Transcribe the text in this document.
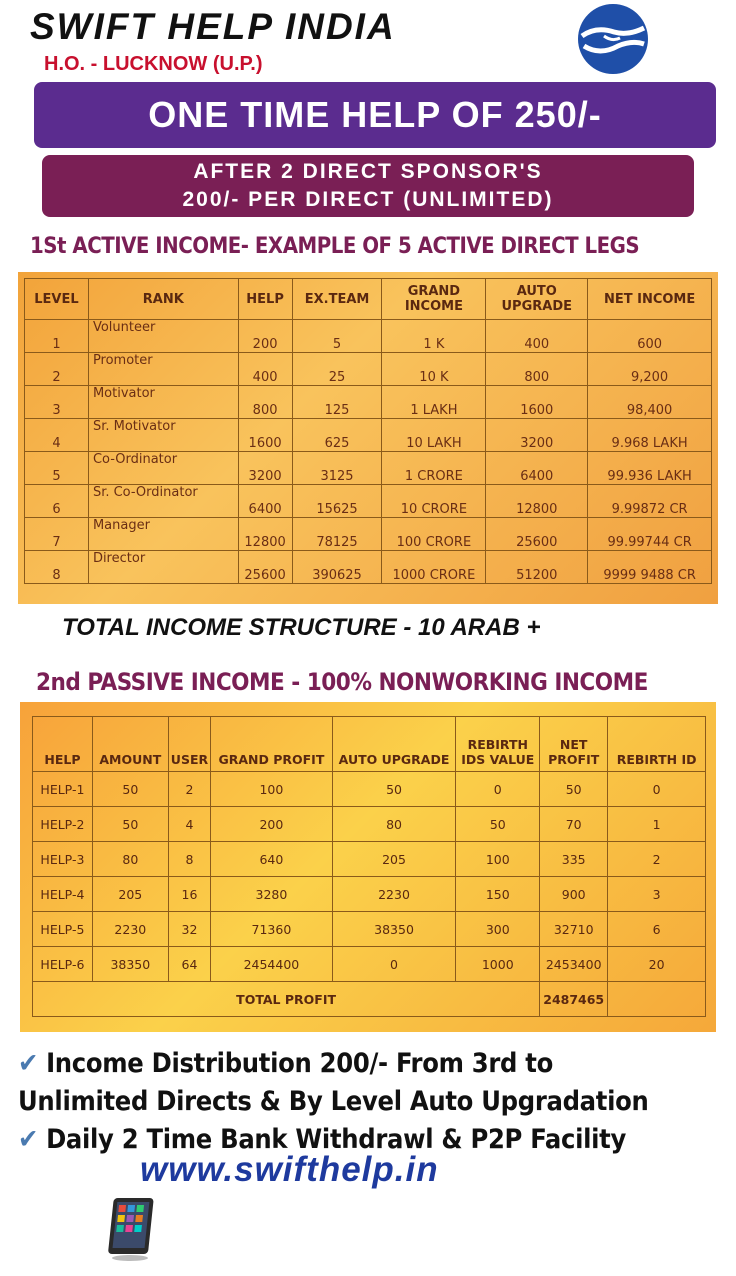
SWIFT HELP INDIA
H.O. - LUCKNOW (U.P.)
ONE TIME HELP OF 250/-
AFTER 2 DIRECT SPONSOR'S
200/- PER DIRECT (UNLIMITED)
1St ACTIVE INCOME- EXAMPLE OF 5 ACTIVE DIRECT LEGS
LEVEL	RANK	HELP	EX.TEAM	GRAND INCOME	AUTO UPGRADE	NET INCOME
1	Volunteer	200	5	1 K	400	600
2	Promoter	400	25	10 K	800	9,200
3	Motivator	800	125	1 LAKH	1600	98,400
4	Sr. Motivator	1600	625	10 LAKH	3200	9.968 LAKH
5	Co-Ordinator	3200	3125	1 CRORE	6400	99.936 LAKH
6	Sr. Co-Ordinator	6400	15625	10 CRORE	12800	9.99872 CR
7	Manager	12800	78125	100 CRORE	25600	99.99744 CR
8	Director	25600	390625	1000 CRORE	51200	9999 9488 CR
TOTAL INCOME STRUCTURE - 10 ARAB +
2nd PASSIVE INCOME - 100% NONWORKING INCOME
HELP	AMOUNT	USER	GRAND PROFIT	AUTO UPGRADE	REBIRTH IDS VALUE	NET PROFIT	REBIRTH ID
HELP-1	50	2	100	50	0	50	0
HELP-2	50	4	200	80	50	70	1
HELP-3	80	8	640	205	100	335	2
HELP-4	205	16	3280	2230	150	900	3
HELP-5	2230	32	71360	38350	300	32710	6
HELP-6	38350	64	2454400	0	1000	2453400	20
TOTAL PROFIT						2487465	
✔ Income Distribution 200/- From 3rd to
Unlimited Directs & By Level Auto Upgradation
✔ Daily 2 Time Bank Withdrawl & P2P Facility
www.swifthelp.in
